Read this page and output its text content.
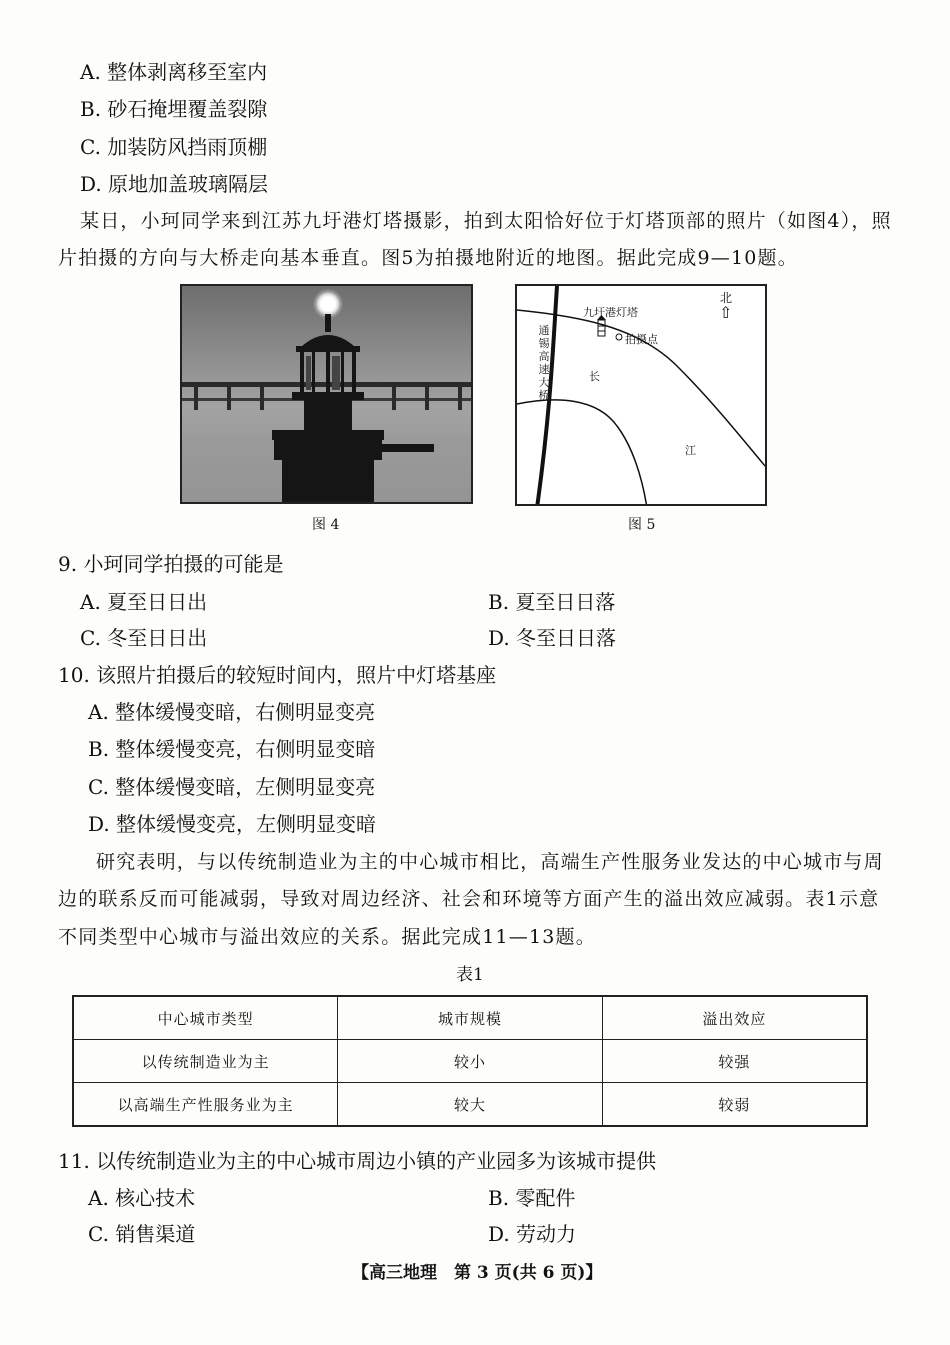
A. 整体剥离移至室内
B. 砂石掩埋覆盖裂隙
C. 加装防风挡雨顶棚
D. 原地加盖玻璃隔层
某日，小珂同学来到江苏九圩港灯塔摄影，拍到太阳恰好位于灯塔顶部的照片（如图4），照
片拍摄的方向与大桥走向基本垂直。图5为拍摄地附近的地图。据此完成9—10题。
图 4
北
⇧
九圩港灯塔
拍摄点
通
锡
高
速
大
桥
长
江
图 5
9. 小珂同学拍摄的可能是
A. 夏至日日出	B. 夏至日日落
C. 冬至日日出	D. 冬至日日落
10. 该照片拍摄后的较短时间内，照片中灯塔基座
A. 整体缓慢变暗，右侧明显变亮
B. 整体缓慢变亮，右侧明显变暗
C. 整体缓慢变暗，左侧明显变亮
D. 整体缓慢变亮，左侧明显变暗
研究表明，与以传统制造业为主的中心城市相比，高端生产性服务业发达的中心城市与周
边的联系反而可能减弱，导致对周边经济、社会和环境等方面产生的溢出效应减弱。表1示意
不同类型中心城市与溢出效应的关系。据此完成11—13题。
表1
中心城市类型	城市规模	溢出效应
以传统制造业为主	较小	较强
以高端生产性服务业为主	较大	较弱
11. 以传统制造业为主的中心城市周边小镇的产业园多为该城市提供
A. 核心技术	B. 零配件
C. 销售渠道	D. 劳动力
【高三地理　第 3 页(共 6 页)】
